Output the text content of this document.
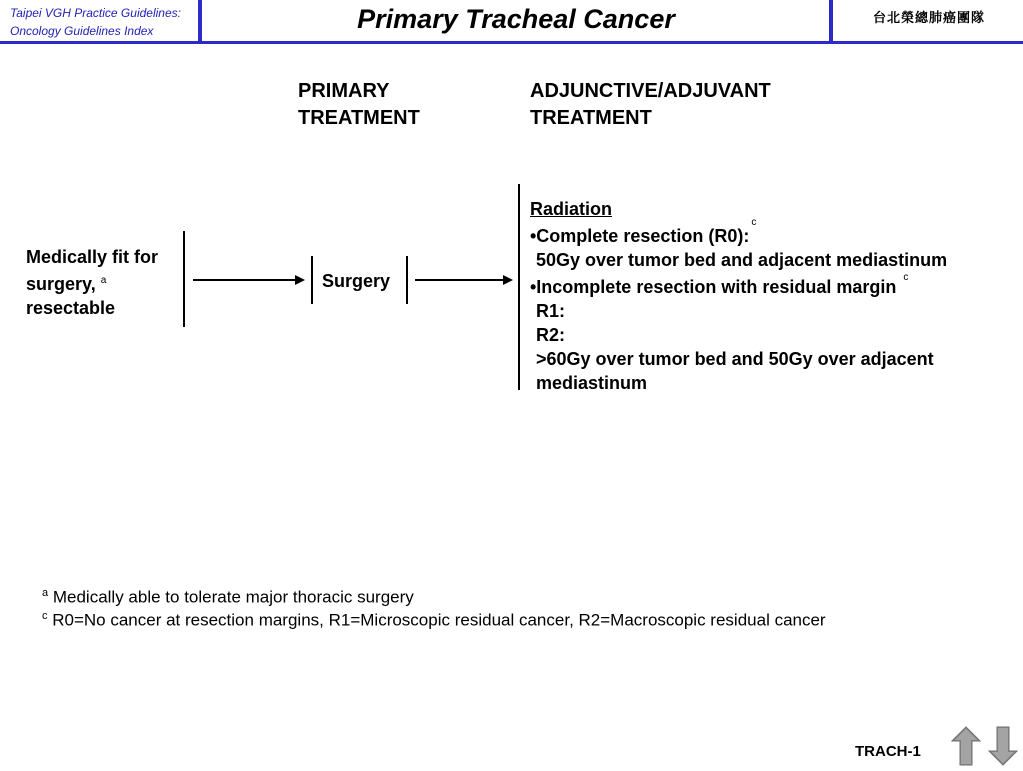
Taipei VGH Practice Guidelines:
Oncology Guidelines Index	Primary Tracheal Cancer	台北榮總肺癌團隊
PRIMARY
TREATMENT
ADJUNCTIVE/ADJUVANT
TREATMENT
Medically fit for
surgery, $^a$
resectable
Surgery
Radiation
•Complete resection (R0):$^c$
50Gy over tumor bed and adjacent mediastinum
•Incomplete resection with residual margin $^c$
R1:
R2:
>60Gy over tumor bed and 50Gy over adjacent
mediastinum
$^a$ Medically able to tolerate major thoracic surgery
$^c$ R0=No cancer at resection margins, R1=Microscopic residual cancer, R2=Macroscopic residual cancer
TRACH-1
